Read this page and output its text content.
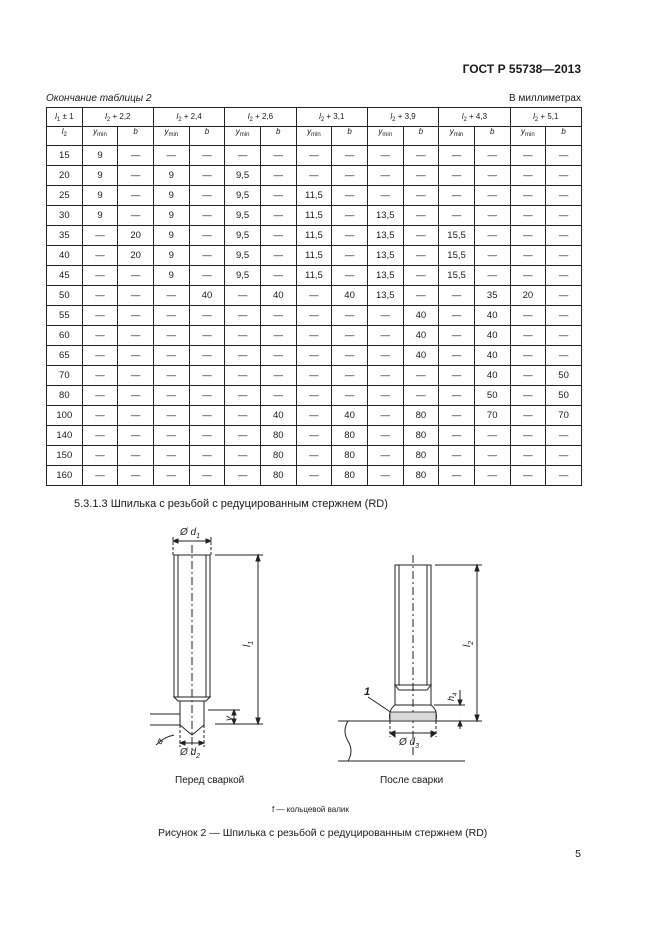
ГОСТ Р 55738—2013
Окончание таблицы 2	В миллиметрах
$l_1 \pm 1$	$l_2 + 2,2$		$l_2 + 2,4$		$l_2 + 2,6$		$l_2 + 3,1$		$l_2 + 3,9$		$l_2 + 4,3$		$l_2 + 5,1$	
$l_2$	$y_{min}$	b	$y_{min}$	b	$y_{min}$	b	$y_{min}$	b	$y_{min}$	b	$y_{min}$	b	$y_{min}$	b
15	9	—	—	—	—	—	—	—	—	—	—	—	—	—
20	9	—	9	—	9,5	—	—	—	—	—	—	—	—	—
25	9	—	9	—	9,5	—	11,5	—	—	—	—	—	—	—
30	9	—	9	—	9,5	—	11,5	—	13,5	—	—	—	—	—
35	—	20	9	—	9,5	—	11,5	—	13,5	—	15,5	—	—	—
40	—	20	9	—	9,5	—	11,5	—	13,5	—	15,5	—	—	—
45	—	—	9	—	9,5	—	11,5	—	13,5	—	15,5	—	—	—
50	—	—	—	40	—	40	—	40	13,5	—	—	35	20	—
55	—	—	—	—	—	—	—	—	—	40	—	40	—	—
60	—	—	—	—	—	—	—	—	—	40	—	40	—	—
65	—	—	—	—	—	—	—	—	—	40	—	40	—	—
70	—	—	—	—	—	—	—	—	—	—	—	40	—	50
80	—	—	—	—	—	—	—	—	—	—	—	50	—	50
100	—	—	—	—	—	40	—	40	—	80	—	70	—	70
140	—	—	—	—	—	80	—	80	—	80	—	—	—	—
150	—	—	—	—	—	80	—	80	—	80	—	—	—	—
160	—	—	—	—	—	80	—	80	—	80	—	—	—	—
5.3.1.3 Шпилька с резьбой с редуцированным стержнем (RD)
Ø $d_1$
Ø $d_2$
Ø $d_3$
$l_1$
$l_2$
$h_4$
y
α
1
Перед сваркой	После сварки
f — кольцевой валик
Рисунок 2 — Шпилька с резьбой с редуцированным стержнем (RD)
5
